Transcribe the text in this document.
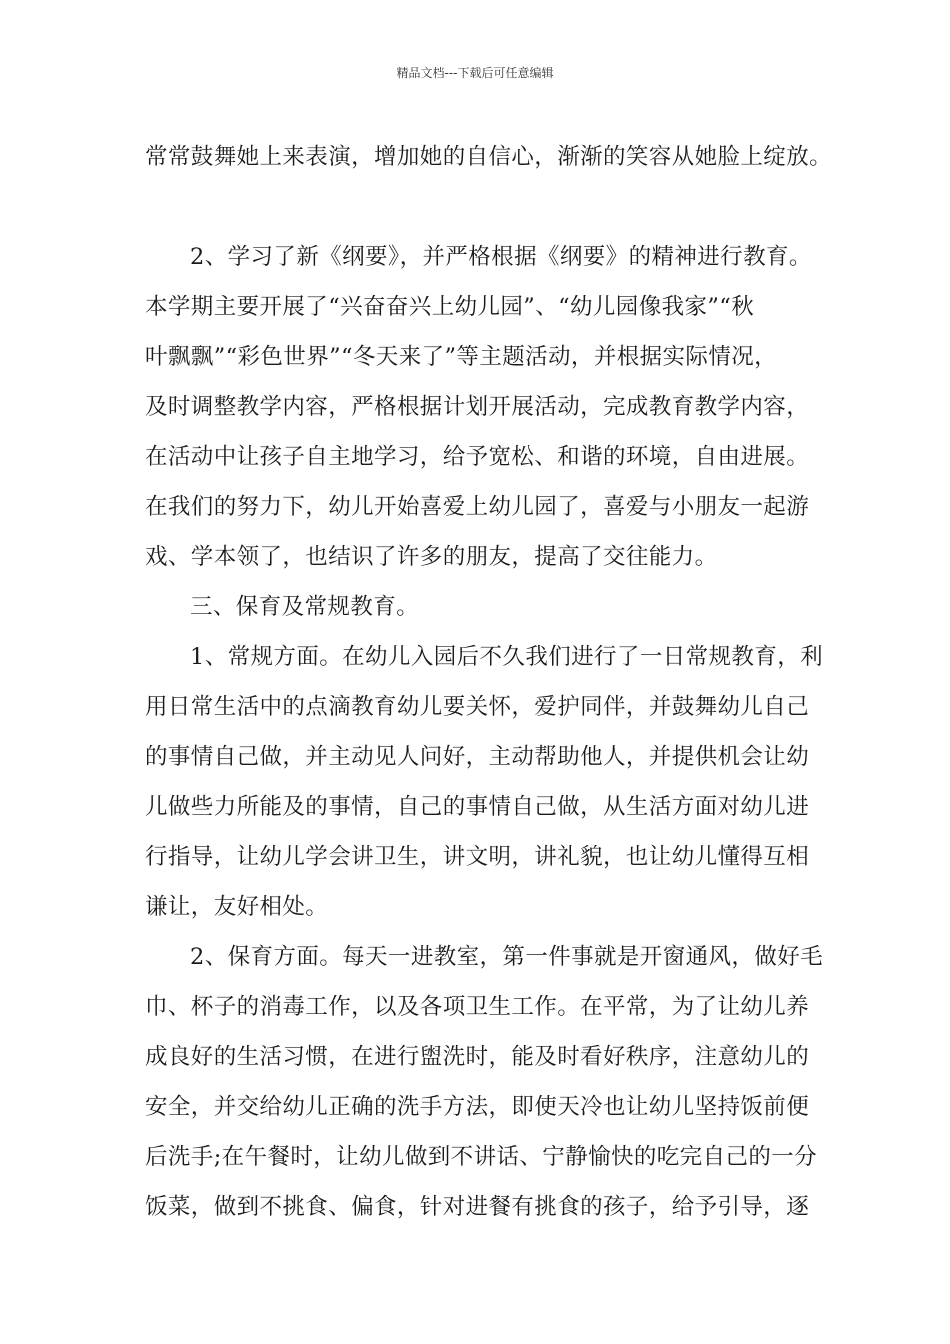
精品文档---下载后可任意编辑
常常鼓舞她上来表演，增加她的自信心，渐渐的笑容从她脸上绽放。
2、学习了新《纲要》，并严格根据《纲要》的精神进行教育。
本学期主要开展了“兴奋奋兴上幼儿园”、“幼儿园像我家”“秋
叶飘飘”“彩色世界”“冬天来了”等主题活动，并根据实际情况，
及时调整教学内容，严格根据计划开展活动，完成教育教学内容，
在活动中让孩子自主地学习，给予宽松、和谐的环境，自由进展。
在我们的努力下，幼儿开始喜爱上幼儿园了，喜爱与小朋友一起游
戏、学本领了，也结识了许多的朋友，提高了交往能力。
三、保育及常规教育。
1、常规方面。在幼儿入园后不久我们进行了一日常规教育，利
用日常生活中的点滴教育幼儿要关怀，爱护同伴，并鼓舞幼儿自己
的事情自己做，并主动见人问好，主动帮助他人，并提供机会让幼
儿做些力所能及的事情，自己的事情自己做，从生活方面对幼儿进
行指导，让幼儿学会讲卫生，讲文明，讲礼貌，也让幼儿懂得互相
谦让，友好相处。
2、保育方面。每天一进教室，第一件事就是开窗通风，做好毛
巾、杯子的消毒工作，以及各项卫生工作。在平常，为了让幼儿养
成良好的生活习惯，在进行盥洗时，能及时看好秩序，注意幼儿的
安全，并交给幼儿正确的洗手方法，即使天冷也让幼儿坚持饭前便
后洗手;在午餐时，让幼儿做到不讲话、宁静愉快的吃完自己的一分
饭菜，做到不挑食、偏食，针对进餐有挑食的孩子，给予引导，逐
